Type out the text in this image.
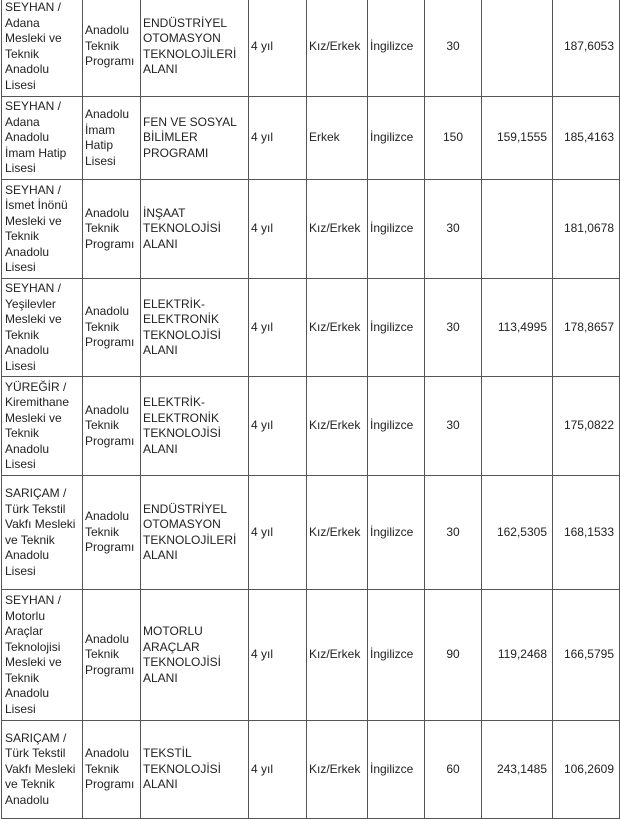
SEYHAN / Adana Mesleki ve Teknik Anadolu Lisesi	Anadolu Teknik Programı	ENDÜSTRİYEL OTOMASYON TEKNOLOJİLERİ ALANI	4 yıl	Kız/Erkek	İngilizce	30		187,6053
SEYHAN / Adana Anadolu İmam Hatip Lisesi	Anadolu İmam Hatip Lisesi	FEN VE SOSYAL BİLİMLER PROGRAMI	4 yıl	Erkek	İngilizce	150	159,1555	185,4163
SEYHAN / İsmet İnönü Mesleki ve Teknik Anadolu Lisesi	Anadolu Teknik Programı	İNŞAAT TEKNOLOJİSİ ALANI	4 yıl	Kız/Erkek	İngilizce	30		181,0678
SEYHAN / Yeşilevler Mesleki ve Teknik Anadolu Lisesi	Anadolu Teknik Programı	ELEKTRİK-ELEKTRONİK TEKNOLOJİSİ ALANI	4 yıl	Kız/Erkek	İngilizce	30	113,4995	178,8657
YÜREĞİR / Kiremithane Mesleki ve Teknik Anadolu Lisesi	Anadolu Teknik Programı	ELEKTRİK-ELEKTRONİK TEKNOLOJİSİ ALANI	4 yıl	Kız/Erkek	İngilizce	30		175,0822
SARIÇAM / Türk Tekstil Vakfı Mesleki ve Teknik Anadolu Lisesi	Anadolu Teknik Programı	ENDÜSTRİYEL OTOMASYON TEKNOLOJİLERİ ALANI	4 yıl	Kız/Erkek	İngilizce	30	162,5305	168,1533
SEYHAN / Motorlu Araçlar Teknolojisi Mesleki ve Teknik Anadolu Lisesi	Anadolu Teknik Programı	MOTORLU ARAÇLAR TEKNOLOJİSİ ALANI	4 yıl	Kız/Erkek	İngilizce	90	119,2468	166,5795
SARIÇAM / Türk Tekstil Vakfı Mesleki ve Teknik Anadolu	Anadolu Teknik Programı	TEKSTİL TEKNOLOJİSİ ALANI	4 yıl	Kız/Erkek	İngilizce	60	243,1485	106,2609
